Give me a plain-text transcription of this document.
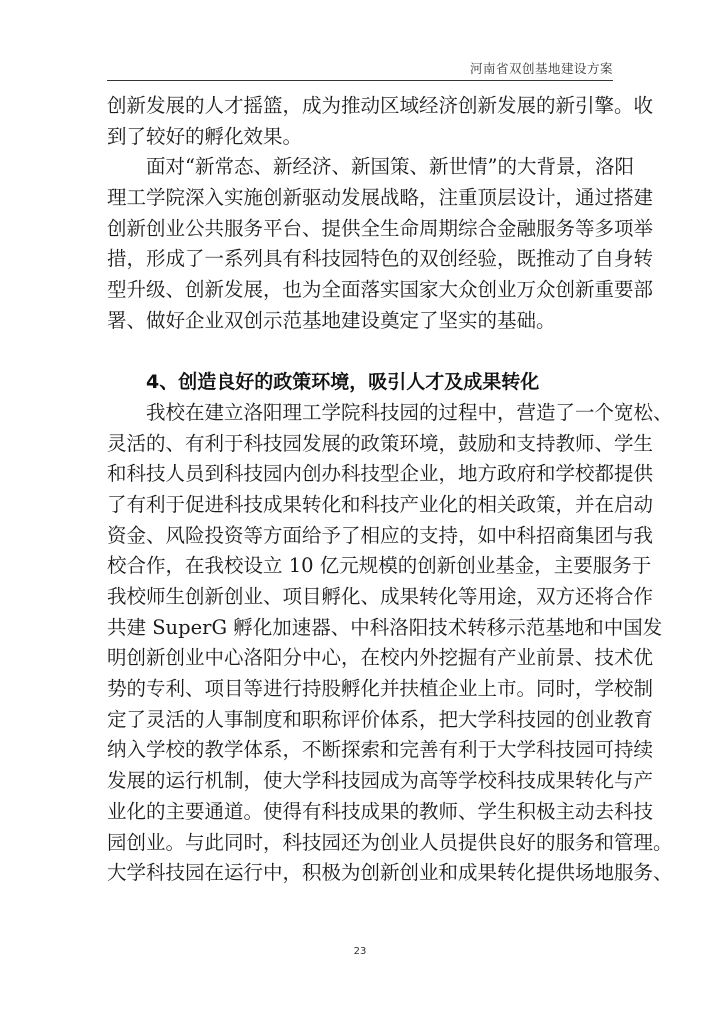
河南省双创基地建设方案
创新发展的人才摇篮，成为推动区域经济创新发展的新引擎。收
到了较好的孵化效果。
面对“新常态、新经济、新国策、新世情”的大背景，洛阳
理工学院深入实施创新驱动发展战略，注重顶层设计，通过搭建
创新创业公共服务平台、提供全生命周期综合金融服务等多项举
措，形成了一系列具有科技园特色的双创经验，既推动了自身转
型升级、创新发展，也为全面落实国家大众创业万众创新重要部
署、做好企业双创示范基地建设奠定了坚实的基础。
4、创造良好的政策环境，吸引人才及成果转化
我校在建立洛阳理工学院科技园的过程中，营造了一个宽松、
灵活的、有利于科技园发展的政策环境，鼓励和支持教师、学生
和科技人员到科技园内创办科技型企业，地方政府和学校都提供
了有利于促进科技成果转化和科技产业化的相关政策，并在启动
资金、风险投资等方面给予了相应的支持，如中科招商集团与我
校合作，在我校设立 10 亿元规模的创新创业基金，主要服务于
我校师生创新创业、项目孵化、成果转化等用途，双方还将合作
共建 SuperG 孵化加速器、中科洛阳技术转移示范基地和中国发
明创新创业中心洛阳分中心，在校内外挖掘有产业前景、技术优
势的专利、项目等进行持股孵化并扶植企业上市。同时，学校制
定了灵活的人事制度和职称评价体系，把大学科技园的创业教育
纳入学校的教学体系，不断探索和完善有利于大学科技园可持续
发展的运行机制，使大学科技园成为高等学校科技成果转化与产
业化的主要通道。使得有科技成果的教师、学生积极主动去科技
园创业。与此同时，科技园还为创业人员提供良好的服务和管理。
大学科技园在运行中，积极为创新创业和成果转化提供场地服务、
23
